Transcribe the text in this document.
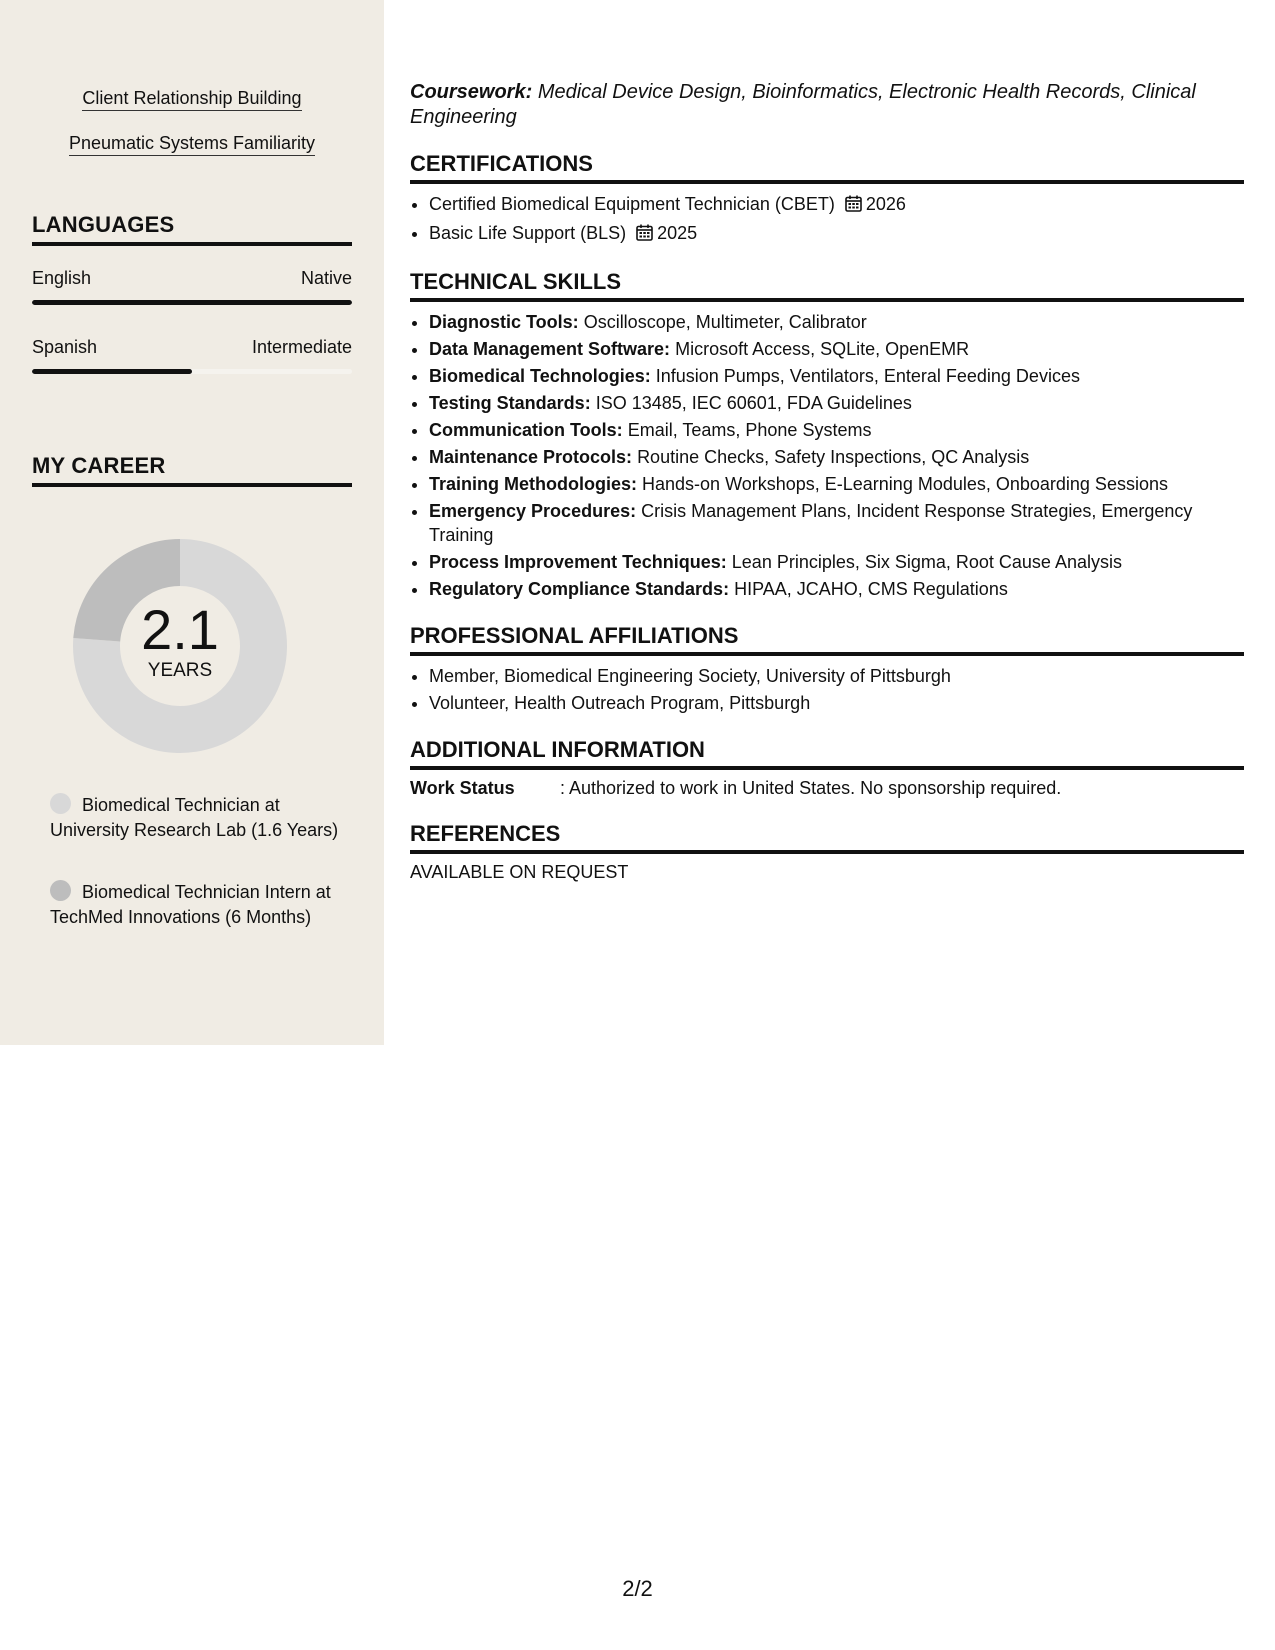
Client Relationship Building
Pneumatic Systems Familiarity
LANGUAGES
English	Native
Spanish	Intermediate
MY CAREER
2.1
YEARS
Biomedical Technician at University Research Lab (1.6 Years)
Biomedical Technician Intern at TechMed Innovations (6 Months)
Coursework: Medical Device Design, Bioinformatics, Electronic Health Records, Clinical Engineering
CERTIFICATIONS
• Certified Biomedical Equipment Technician (CBET) 2026
• Basic Life Support (BLS) 2025
TECHNICAL SKILLS
• Diagnostic Tools: Oscilloscope, Multimeter, Calibrator
• Data Management Software: Microsoft Access, SQLite, OpenEMR
• Biomedical Technologies: Infusion Pumps, Ventilators, Enteral Feeding Devices
• Testing Standards: ISO 13485, IEC 60601, FDA Guidelines
• Communication Tools: Email, Teams, Phone Systems
• Maintenance Protocols: Routine Checks, Safety Inspections, QC Analysis
• Training Methodologies: Hands-on Workshops, E-Learning Modules, Onboarding Sessions
• Emergency Procedures: Crisis Management Plans, Incident Response Strategies, Emergency Training
• Process Improvement Techniques: Lean Principles, Six Sigma, Root Cause Analysis
• Regulatory Compliance Standards: HIPAA, JCAHO, CMS Regulations
PROFESSIONAL AFFILIATIONS
• Member, Biomedical Engineering Society, University of Pittsburgh
• Volunteer, Health Outreach Program, Pittsburgh
ADDITIONAL INFORMATION
Work Status	: Authorized to work in United States. No sponsorship required.
REFERENCES
AVAILABLE ON REQUEST
2/2
